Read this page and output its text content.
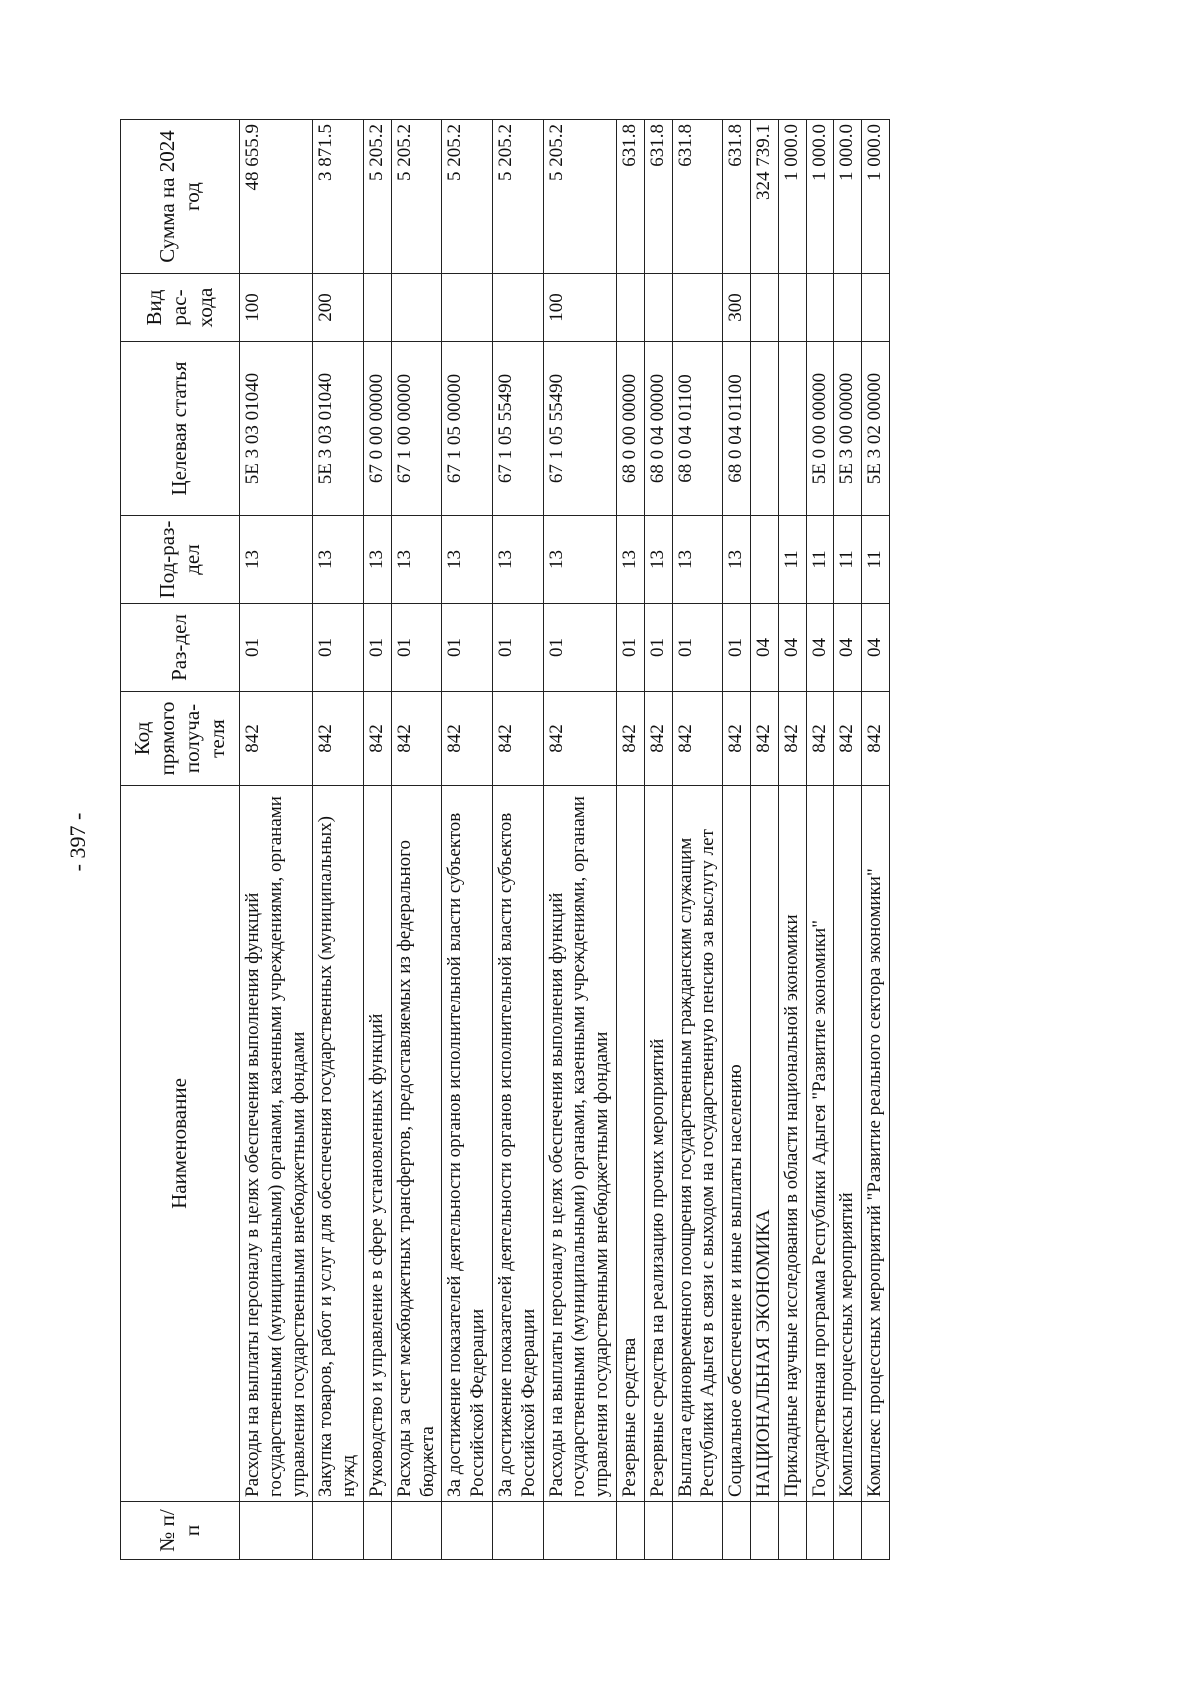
- 397 -
№ п/п	Наименование	Код прямого получа-теля	Раз-дел	Под-раз-дел	Целевая статья	Вид рас-хода	Сумма на 2024 год
	Расходы на выплаты персоналу в целях обеспечения выполнения функций государственными (муниципальными) органами, казенными учреждениями, органами управления государственными внебюджетными фондами	842	01	13	5Е 3 03 01040	100	48 655.9
	Закупка товаров, работ и услуг для обеспечения государственных (муниципальных) нужд	842	01	13	5Е 3 03 01040	200	3 871.5
	Руководство и управление в сфере установленных функций	842	01	13	67 0 00 00000		5 205.2
	Расходы за счет межбюджетных трансфертов, предоставляемых из федерального бюджета	842	01	13	67 1 00 00000		5 205.2
	За достижение показателей деятельности органов исполнительной власти субъектов Российской Федерации	842	01	13	67 1 05 00000		5 205.2
	За достижение показателей деятельности органов исполнительной власти субъектов Российской Федерации	842	01	13	67 1 05 55490		5 205.2
	Расходы на выплаты персоналу в целях обеспечения выполнения функций государственными (муниципальными) органами, казенными учреждениями, органами управления государственными внебюджетными фондами	842	01	13	67 1 05 55490	100	5 205.2
	Резервные средства	842	01	13	68 0 00 00000		631.8
	Резервные средства на реализацию прочих мероприятий	842	01	13	68 0 04 00000		631.8
	Выплата единовременного поощрения государственным гражданским служащим Республики Адыгея в связи с выходом на государственную пенсию за выслугу лет	842	01	13	68 0 04 01100		631.8
	Социальное обеспечение и иные выплаты населению	842	01	13	68 0 04 01100	300	631.8
	НАЦИОНАЛЬНАЯ ЭКОНОМИКА	842	04				324 739.1
	Прикладные научные исследования в области национальной экономики	842	04	11			1 000.0
	Государственная программа Республики Адыгея "Развитие экономики"	842	04	11	5Е 0 00 00000		1 000.0
	Комплексы процессных мероприятий	842	04	11	5Е 3 00 00000		1 000.0
	Комплекс процессных мероприятий "Развитие реального сектора экономики"	842	04	11	5Е 3 02 00000		1 000.0
